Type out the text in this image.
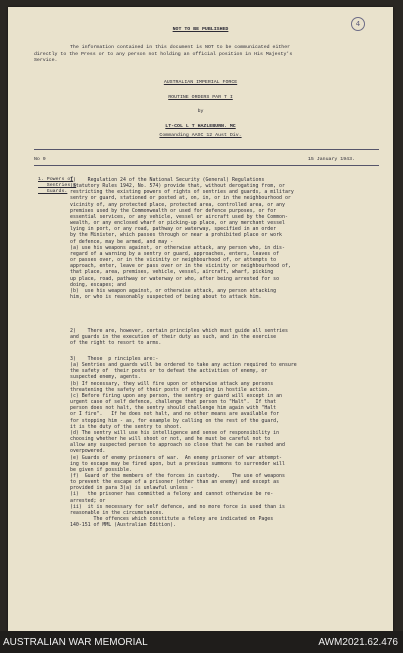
4
NOT TO BE PUBLISHED
The information contained in this document is NOT to be communicated either
directly to the Press or to any person not holding an official position in His Majesty's
Service.
AUSTRALIAN IMPERIAL FORCE
ROUTINE ORDERS PAR T I
by
LT-COL L T HAZLEBURN. MC
Commanding AASC 12 Aust Div.
No 9	15 January 1943.
1. Powers of
Sentries &
Guards.
1)    Regulation 24 of the National Security (General) Regulations
(Statutory Rules 1942, No. 574) provide that, without derogating from, or
restricting the existing powers of rights of sentries and guards, a military
sentry or guard, stationed or posted at, on, in, or in the neighbourhood or
vicinity of, any protected place, protected area, controlled area, or any
premises used by the Commonwealth or used for defence purposes, or for
essential services, or any vehicle, vessel or aircraft used by the Common-
wealth, or any enclosed wharf or picking-up place, or any merchant vessel
lying in port, or any road, pathway or waterway, specified in an order
by the Minister, which passes through or near a prohibited place or work
of defence, may be armed, and may -
(a) use his weapons against, or otherwise attack, any person who, in dis-
regard of a warning by a sentry or guard, approaches, enters, leaves of
or passes over, or in the vicinity or neighbourhood of, or attempts to
approach, enter, leave or pass over or in the vicinity or neighbourhood of,
that place, area, premises, vehicle, vessel, aircraft, wharf, picking
up place, road, pathway or waterway or who, after being arrested for so
doing, escapes; and
(b)  use his weapon against, or otherwise attack, any person attacking
him, or who is reasonably suspected of being about to attack him.
2)    There are, however, certain principles which must guide all sentries
and guards in the execution of their duty as such, and in the exercise
of the right to resort to arms.
3)    These  p rinciples are:-
(a) Sentries and guards will be ordered to take any action required to ensure
the safety of  their posts or to defeat the activities of enemy, or
suspected enemy, agents.
(b) If necessary, they will fire upon or otherwise attack any persons
threatening the safety of their posts of engaging in hostile action.
(c) Before firing upon any person, the sentry or guard will except in an
urgent case of self defence, challenge that person to "Halt".  If that
person does not halt, the sentry should challenge him again with "Halt
or I fire".   If he does not halt, and no other means are available for
for stopping him - as, for example by calling on the rest of the guard,
it is the duty of the sentry to shoot.
(d) The sentry will use his intelligence and sense of responsibility in
choosing whether he will shoot or not, and he must be careful not to
allow any suspected person to approach so close that he can be rushed and
overpowered.
(e) Guards of enemy prisoners of war.  An enemy prisoner of war attempt-
ing to escape may be fired upon, but a previous summons to surrender will
be given if possible.
(f)  Guard of the members of the forces in custody.    The use of weapons
to prevent the escape of a prisoner (other than an enemy) and except as
provided in para 3(a) is unlawful unless -
(i)   the prisoner has committed a felony and cannot otherwise be re-
arrested; or
(ii)  it is necessary for self defence, and no more force is used than is
reasonable in the circumstances.
The offences which constitute a felony are indicated on Pages
140-151 of MML (Australian Edition).
AUSTRALIAN WAR MEMORIAL	AWM2021.62.476
